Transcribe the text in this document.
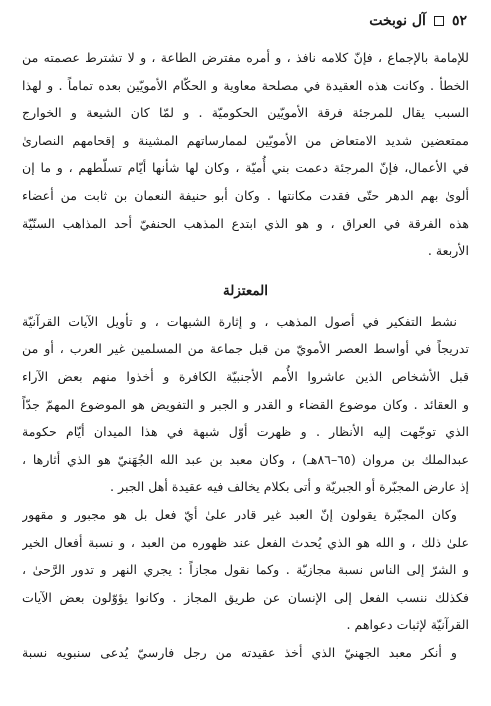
٥٢
آل نوبخت
للإمامة بالإجماع ، فإنّ كلامه نافذ ، و أمره مفترض الطاعة ، و لا تشترط عصمته من
الخطأ . وكانت هذه العقيدة في مصلحة معاوية و الحكّام الأمويّين بعده تماماً . و لهذا
السبب يقال للمرجئة فرقة الأمويّين الحكوميّة . و لمّا كان الشيعة و الخوارج
ممتعضين شديد الامتعاض من الأمويّين لممارساتهم المشينة و إقحامهم النصارىٰ
في الأعمال، فإنّ المرجئة دعمت بني أُميّة ، وكان لها شأنها أيّام تسلّطهم ، و ما إن
ألوىٰ بهم الدهر حتّى فقدت مكانتها . وكان أبو حنيفة النعمان بن ثابت من أعضاء
هذه الفرقة في العراق ، و هو الذي ابتدع المذهب الحنفيّ أحد المذاهب السنّيّة
الأربعة .
المعتزلة
نشط التفكير في أصول المذهب ، و إثارة الشبهات ، و تأويل الآيات القرآنيّة
تدريجاً في أواسط العصر الأمويّ من قبل جماعة من المسلمين غير العرب ، أو من
قبل الأشخاص الذين عاشروا الأُمم الأجنبيّة الكافرة و أخذوا منهم بعض الآراء
و العقائد . وكان موضوع القضاء و القدر و الجبر و التفويض هو الموضوع المهمّ جدّاً
الذي توجّهت إليه الأنظار . و ظهرت أوّل شبهة في هذا الميدان أيّام حكومة
عبدالملك بن مروان (٦٥–٨٦هـ) ، وكان معبد بن عبد الله الجُهَنيّ هو الذي أثارها ،
إذ عارض المجبّرة أو الجبريّة و أتى بكلام يخالف فيه عقيدة أهل الجبر .
وكان المجبّرة يقولون إنّ العبد غير قادر علىٰ أيّ فعل بل هو مجبور و مقهور
علىٰ ذلك ، و الله هو الذي يُحدث الفعل عند ظهوره من العبد ، و نسبة أفعال الخير
و الشرّ إلى الناس نسبة مجازيّة . وكما نقول مجازاً : يجري النهر و تدور الرَّحىٰ ،
فكذلك ننسب الفعل إلى الإنسان عن طريق المجاز . وكانوا يؤوّلون بعض الآيات
القرآنيّة لإثبات دعواهم .
و أنكر معبد الجهنيّ الذي أخذ عقيدته من رجل فارسيّ يُدعى سنبويه نسبة
